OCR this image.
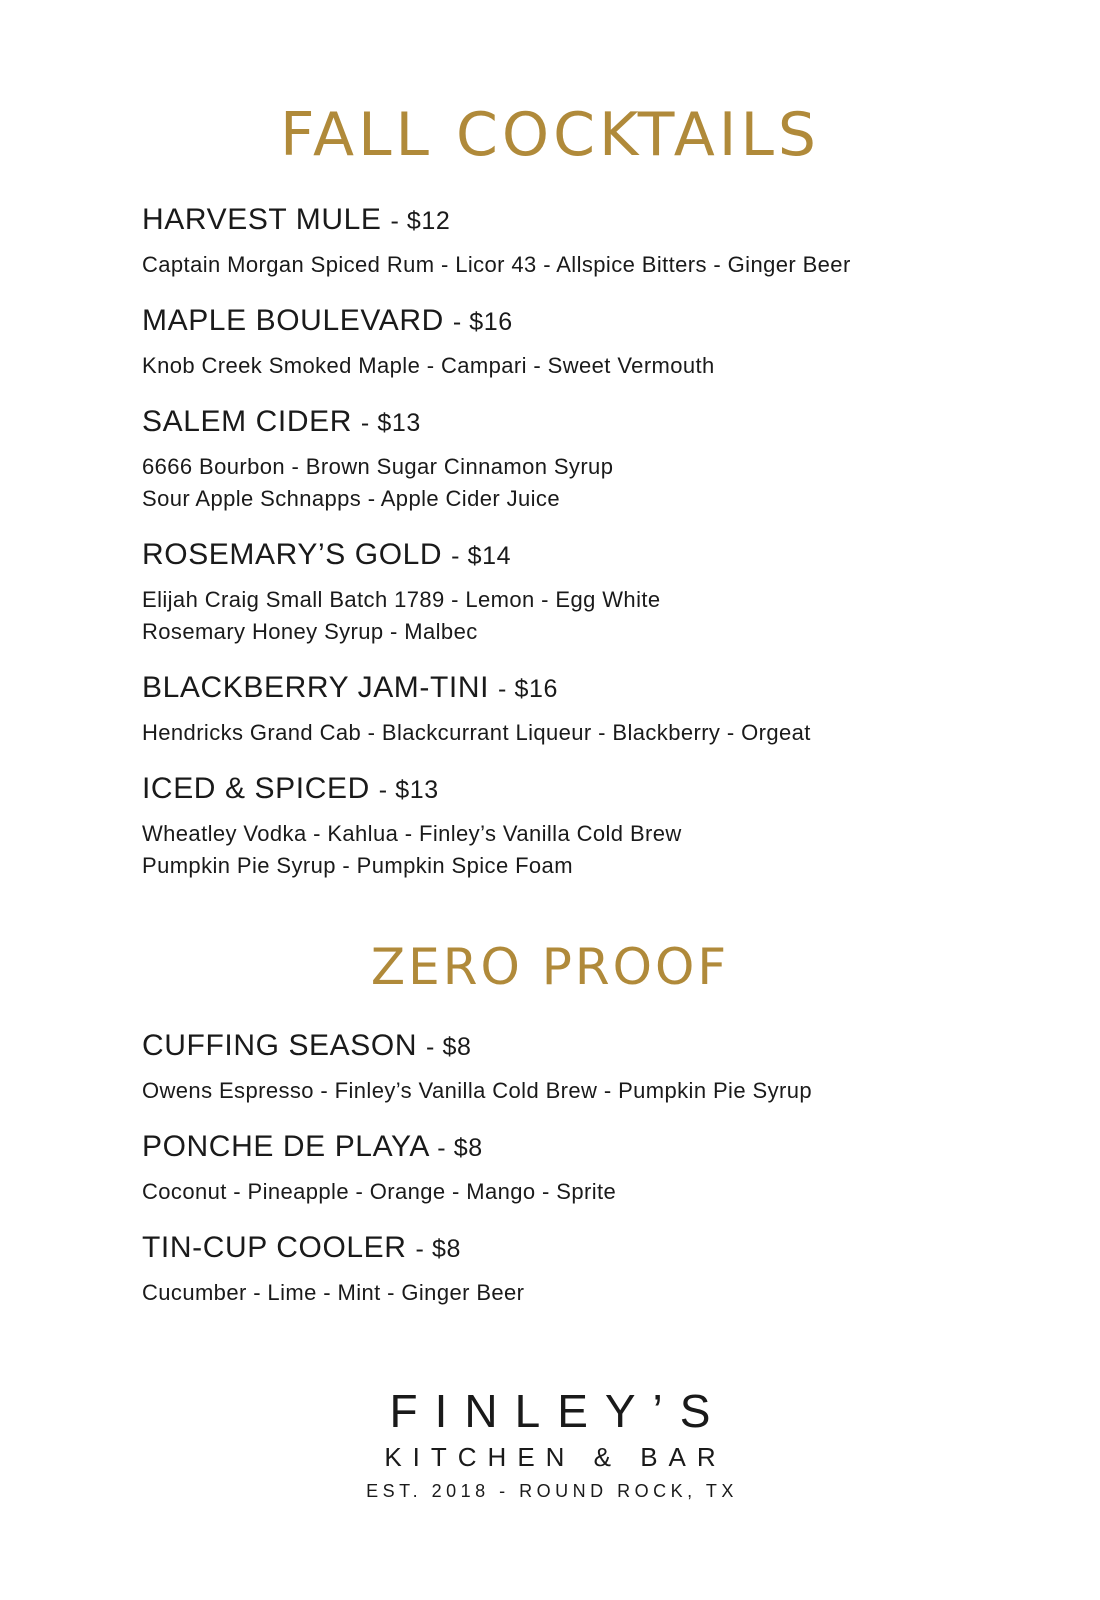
FALL COCKTAILS
HARVEST MULE - $12
Captain Morgan Spiced Rum - Licor 43 - Allspice Bitters - Ginger Beer
MAPLE BOULEVARD - $16
Knob Creek Smoked Maple - Campari - Sweet Vermouth
SALEM CIDER - $13
6666 Bourbon - Brown Sugar Cinnamon Syrup
Sour Apple Schnapps - Apple Cider Juice
ROSEMARY’S GOLD - $14
Elijah Craig Small Batch 1789 - Lemon - Egg White
Rosemary Honey Syrup - Malbec
BLACKBERRY JAM-TINI - $16
Hendricks Grand Cab - Blackcurrant Liqueur - Blackberry - Orgeat
ICED & SPICED - $13
Wheatley Vodka - Kahlua - Finley’s Vanilla Cold Brew
Pumpkin Pie Syrup - Pumpkin Spice Foam
ZERO PROOF
CUFFING SEASON - $8
Owens Espresso - Finley’s Vanilla Cold Brew - Pumpkin Pie Syrup
PONCHE DE PLAYA - $8
Coconut - Pineapple - Orange - Mango - Sprite
TIN-CUP COOLER - $8
Cucumber - Lime - Mint - Ginger Beer
FINLEY’S
KITCHEN & BAR
EST. 2018 - ROUND ROCK, TX
